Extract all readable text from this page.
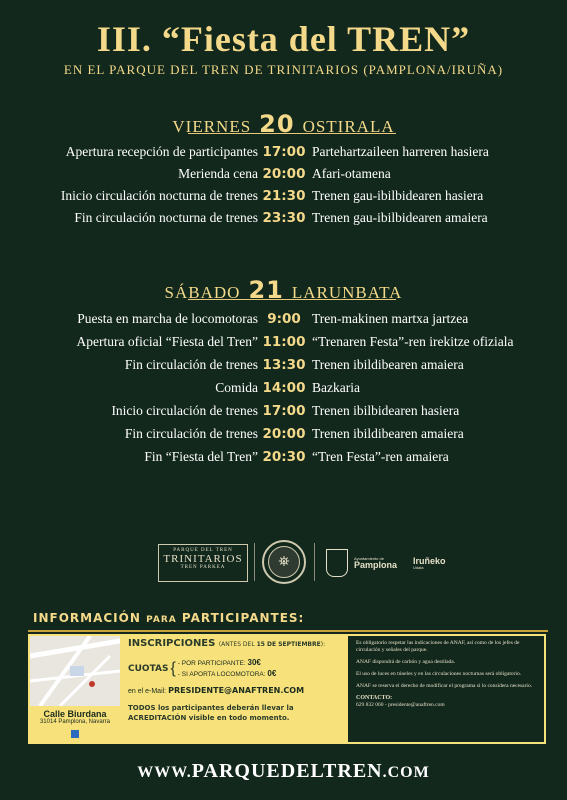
III. “Fiesta del TREN”
EN EL PARQUE DEL TREN DE TRINITARIOS (PAMPLONA/IRUÑA)
VIERNES 20 OSTIRALA
Apertura recepción de participantes 17:00 Partehartzaileen harreren hasiera
Merienda cena 20:00 Afari-otamena
Inicio circulación nocturna de trenes 21:30 Trenen gau-ibilbidearen hasiera
Fin circulación nocturna de trenes 23:30 Trenen gau-ibilbidearen amaiera
SÁBADO 21 LARUNBATA
Puesta en marcha de locomotoras 9:00 Tren-makinen martxa jartzea
Apertura oficial “Fiesta del Tren” 11:00 “Trenaren Festa”-ren irekitze ofiziala
Fin circulación de trenes 13:30 Trenen ibildibearen amaiera
Comida 14:00 Bazkaria
Inicio circulación de trenes 17:00 Trenen ibilbidearen hasiera
Fin circulación de trenes 20:00 Trenen ibildibearen amaiera
Fin “Fiesta del Tren” 20:30 “Tren Festa”-ren amaiera
PARQUE DEL TREN
TRINITARIOS
TREN PARKEA	⛯	Ayuntamiento de
Pamplona Iruñeko
Udala
INFORMACIÓN PARA PARTICIPANTES:
Calle Biurdana
31014 Pamplona, Navarra
INSCRIPCIONES (ANTES DEL 15 DE SEPTIEMBRE):
CUOTAS { - POR PARTICIPANTE: 30€
- SI APORTA LOCOMOTORA: 0€
en el e-Mail: PRESIDENTE@ANAFTREN.COM
TODOS los participantes deberán llevar la
ACREDITACIÓN visible en todo momento.

Es obligatorio respetar las indicaciones de ANAF, así como de los jefes de circulación y señales del parque.

ANAF dispondrá de carbón y agua destilada.

El uso de luces en túneles y en las circulaciones nocturnas será obligatorio.

ANAF se reserva el derecho de modificar el programa si lo considera necesario.

CONTACTO:
629 832 060 - presidente@anaftren.com
WWW.PARQUEDELTREN.COM
